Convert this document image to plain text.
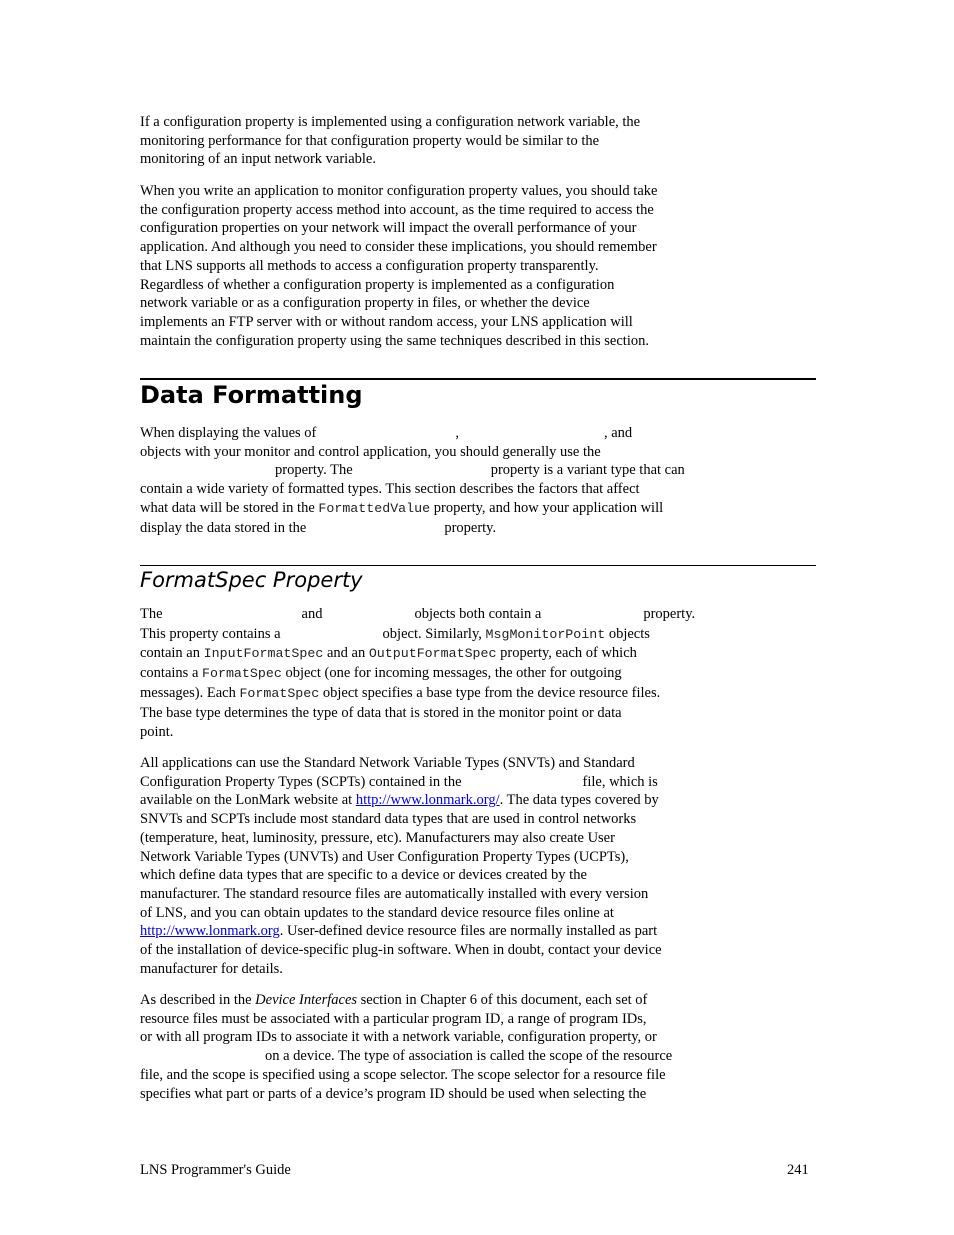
If a configuration property is implemented using a configuration network variable, the
monitoring performance for that configuration property would be similar to the
monitoring of an input network variable.

When you write an application to monitor configuration property values, you should take
the configuration property access method into account, as the time required to access the
configuration properties on your network will impact the overall performance of your
application. And although you need to consider these implications, you should remember
that LNS supports all methods to access a configuration property transparently.
Regardless of whether a configuration property is implemented as a configuration
network variable or as a configuration property in files, or whether the device
implements an FTP server with or without random access, your LNS application will
maintain the configuration property using the same techniques described in this section.

Data Formatting

When displaying the values of	,	, and
objects with your monitor and control application, you should generally use the
property. The	property is a variant type that can
contain a wide variety of formatted types. This section describes the factors that affect
what data will be stored in the FormattedValue property, and how your application will
display the data stored in the	property.

FormatSpec Property

The	and	objects both contain a	property.
This property contains a	object. Similarly, MsgMonitorPoint objects
contain an InputFormatSpec and an OutputFormatSpec property, each of which
contains a FormatSpec object (one for incoming messages, the other for outgoing
messages). Each FormatSpec object specifies a base type from the device resource files.
The base type determines the type of data that is stored in the monitor point or data
point.

All applications can use the Standard Network Variable Types (SNVTs) and Standard
Configuration Property Types (SCPTs) contained in the	file, which is
available on the LonMark website at http://www.lonmark.org/. The data types covered by
SNVTs and SCPTs include most standard data types that are used in control networks
(temperature, heat, luminosity, pressure, etc). Manufacturers may also create User
Network Variable Types (UNVTs) and User Configuration Property Types (UCPTs),
which define data types that are specific to a device or devices created by the
manufacturer. The standard resource files are automatically installed with every version
of LNS, and you can obtain updates to the standard device resource files online at
http://www.lonmark.org. User-defined device resource files are normally installed as part
of the installation of device-specific plug-in software. When in doubt, contact your device
manufacturer for details.

As described in the Device Interfaces section in Chapter 6 of this document, each set of
resource files must be associated with a particular program ID, a range of program IDs,
or with all program IDs to associate it with a network variable, configuration property, or
on a device. The type of association is called the scope of the resource
file, and the scope is specified using a scope selector. The scope selector for a resource file
specifies what part or parts of a device’s program ID should be used when selecting the

LNS Programmer's Guide	241
